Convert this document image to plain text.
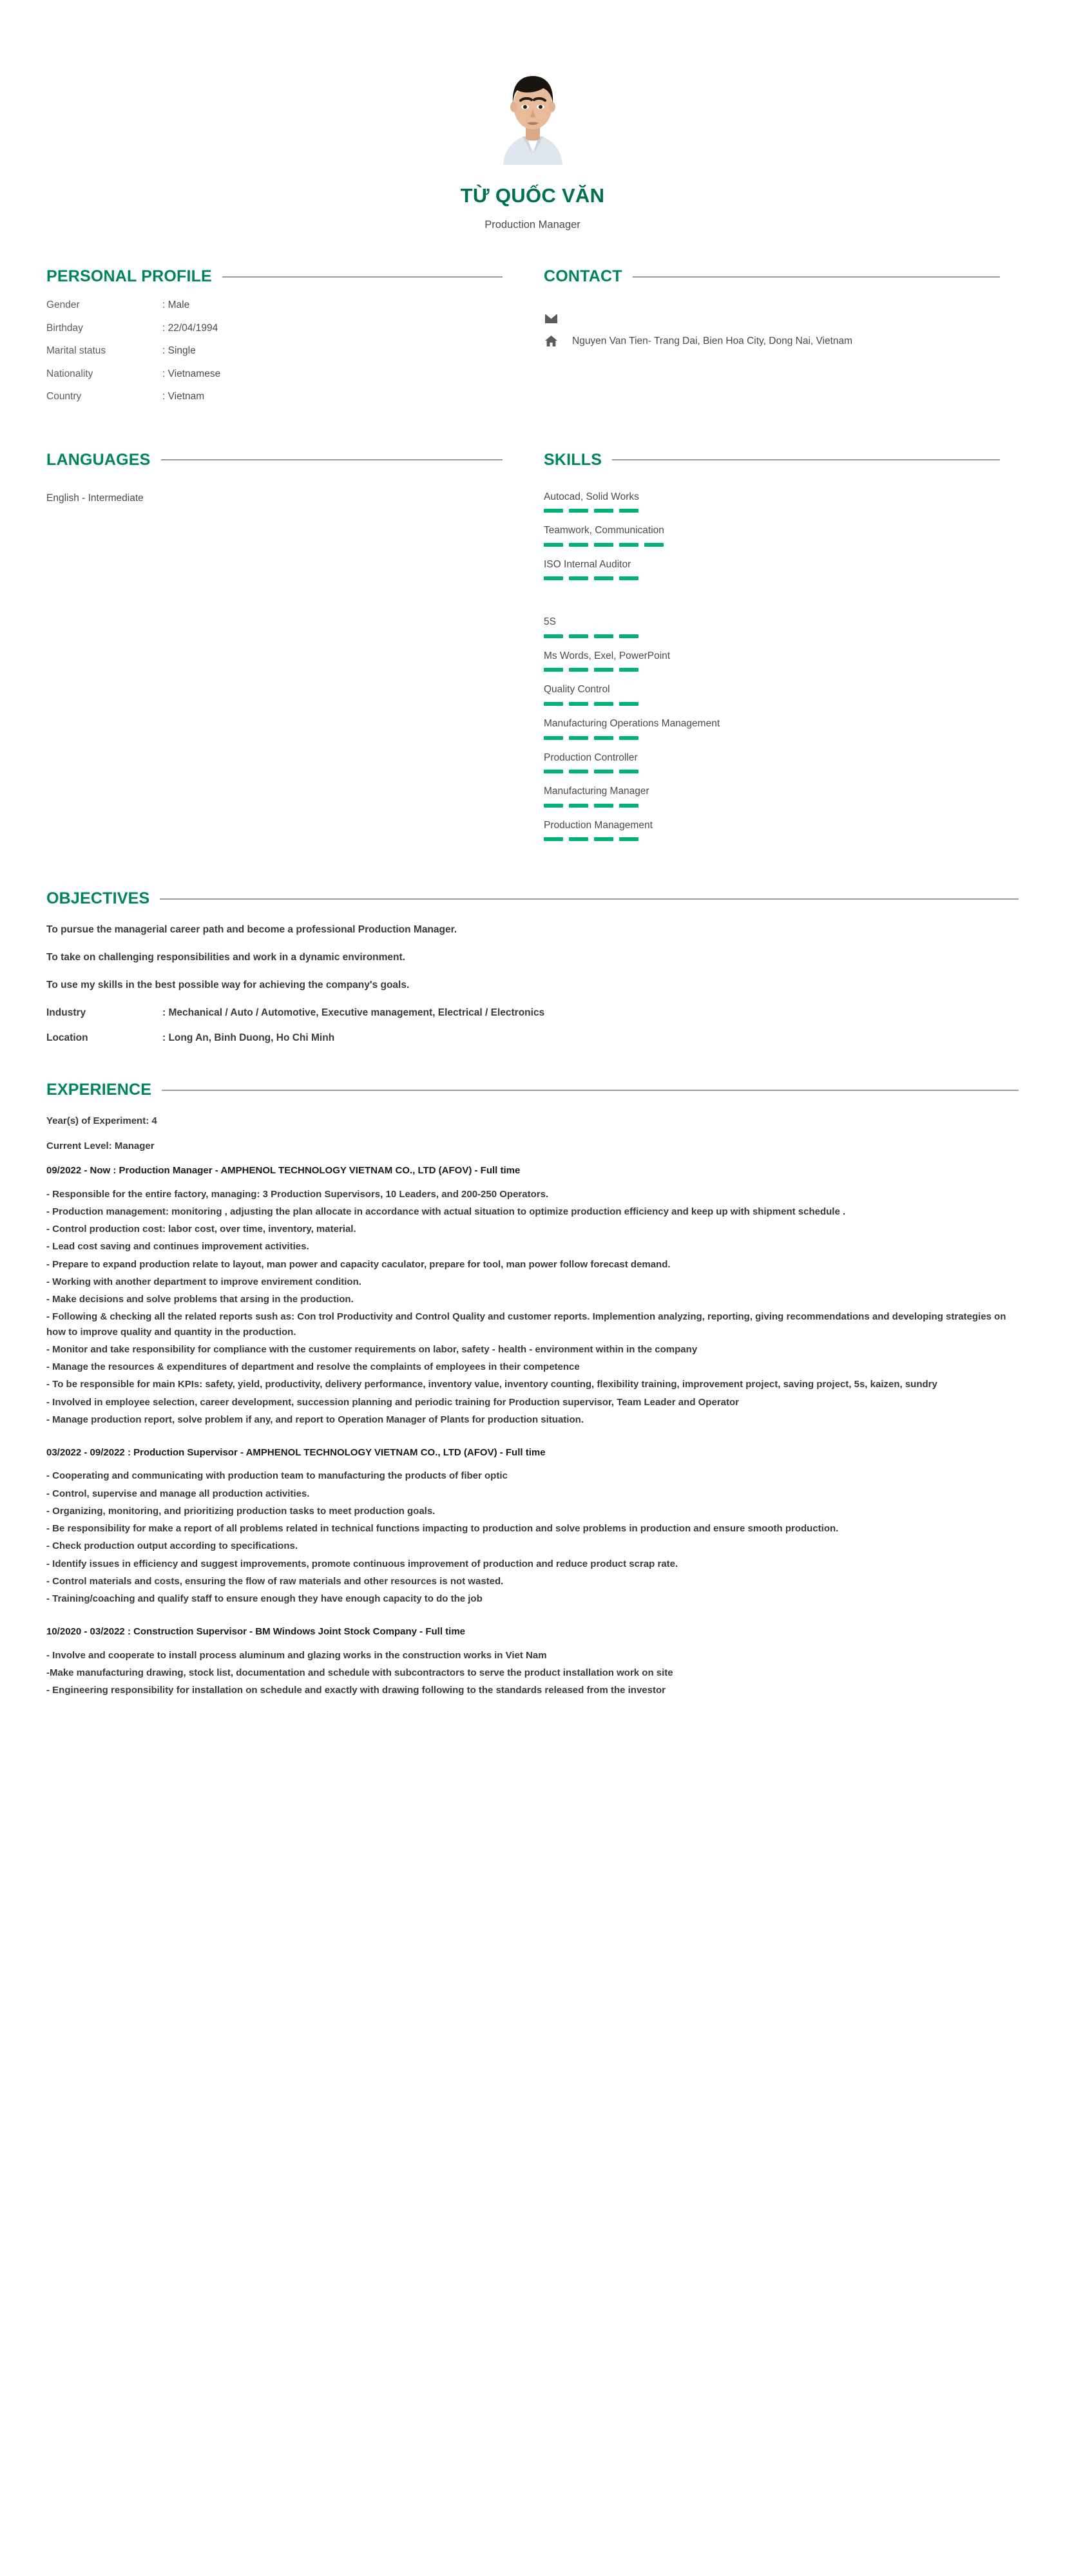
TỪ QUỐC VĂN
Production Manager
PERSONAL PROFILE
Gender	: Male
Birthday	: 22/04/1994
Marital status	: Single
Nationality	: Vietnamese
Country	: Vietnam
CONTACT
Nguyen Van Tien- Trang Dai, Bien Hoa City, Dong Nai, Vietnam
LANGUAGES
English - Intermediate
SKILLS
Autocad, Solid Works
Teamwork, Communication
ISO Internal Auditor
5S
Ms Words, Exel, PowerPoint
Quality Control
Manufacturing Operations Management
Production Controller
Manufacturing Manager
Production Management
OBJECTIVES
To pursue the managerial career path and become a professional Production Manager.
To take on challenging responsibilities and work in a dynamic environment.
To use my skills in the best possible way for achieving the company's goals.
Industry	: Mechanical / Auto / Automotive, Executive management, Electrical / Electronics
Location	: Long An, Binh Duong, Ho Chi Minh
EXPERIENCE
Year(s) of Experiment: 4
Current Level: Manager
09/2022 - Now : Production Manager - AMPHENOL TECHNOLOGY VIETNAM CO., LTD (AFOV) - Full time
- Responsible for the entire factory, managing: 3 Production Supervisors, 10 Leaders, and 200-250 Operators.
- Production management: monitoring , adjusting the plan allocate in accordance with actual situation to optimize production efficiency and keep up with shipment schedule .
- Control production cost: labor cost, over time, inventory, material.
- Lead cost saving and continues improvement activities.
- Prepare to expand production relate to layout, man power and capacity caculator, prepare for tool, man power follow forecast demand.
- Working with another department to improve envirement condition.
- Make decisions and solve problems that arsing in the production.
- Following & checking all the related reports sush as: Con trol Productivity and Control Quality and customer reports. Implemention analyzing, reporting, giving recommendations and developing strategies on how to improve quality and quantity in the production.
- Monitor and take responsibility for compliance with the customer requirements on labor, safety - health - environment within in the company
- Manage the resources & expenditures of department and resolve the complaints of employees in their competence
- To be responsible for main KPIs: safety, yield, productivity, delivery performance, inventory value, inventory counting, flexibility training, improvement project, saving project, 5s, kaizen, sundry
- Involved in employee selection, career development, succession planning and periodic training for Production supervisor, Team Leader and Operator
- Manage production report, solve problem if any, and report to Operation Manager of Plants for production situation.
03/2022 - 09/2022 : Production Supervisor - AMPHENOL TECHNOLOGY VIETNAM CO., LTD (AFOV) - Full time
- Cooperating and communicating with production team to manufacturing the products of fiber optic
- Control, supervise and manage all production activities.
- Organizing, monitoring, and prioritizing production tasks to meet production goals.
- Be responsibility for make a report of all problems related in technical functions impacting to production and solve problems in production and ensure smooth production.
- Check production output according to specifications.
- Identify issues in efficiency and suggest improvements, promote continuous improvement of production and reduce product scrap rate.
- Control materials and costs, ensuring the flow of raw materials and other resources is not wasted.
- Training/coaching and qualify staff to ensure enough they have enough capacity to do the job
10/2020 - 03/2022 : Construction Supervisor - BM Windows Joint Stock Company - Full time
- Involve and cooperate to install process aluminum and glazing works in the construction works in Viet Nam
-Make manufacturing drawing, stock list, documentation and schedule with subcontractors to serve the product installation work on site
- Engineering responsibility for installation on schedule and exactly with drawing following to the standards released from the investor
